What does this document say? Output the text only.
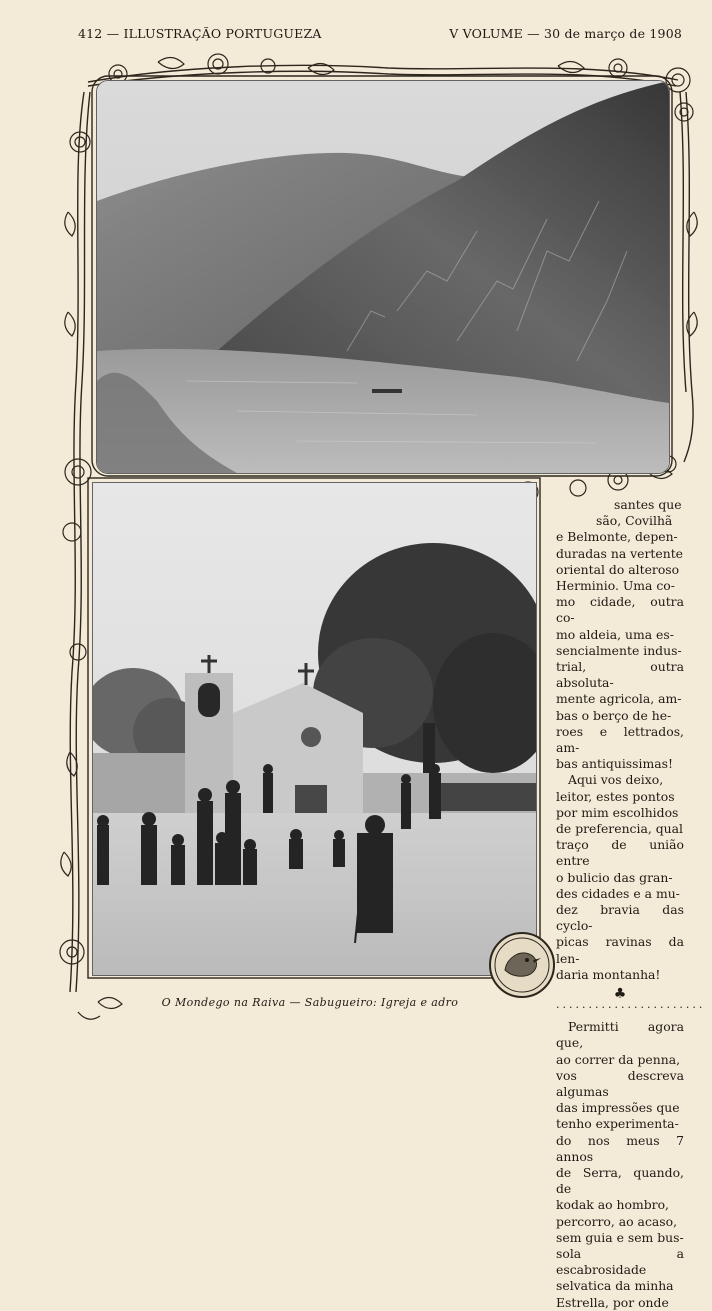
412 — ILLUSTRAÇÃO PORTUGUEZA	V VOLUME — 30 de março de 1908
O Mondego na Raiva — Sabugueiro: Igreja e adro

santes que

são, Covilhã

e Belmonte, depen-

duradas na vertente

oriental do alteroso

Herminio. Uma co-

mo cidade, outra co-

mo aldeia, uma es-

sencialmente indus-

trial, outra absoluta-

mente agricola, am-

bas o berço de he-

roes e lettrados, am-

bas antiquissimas!

Aqui vos deixo,

leitor, estes pontos

por mim escolhidos

de preferencia, qual

traço de união entre

o bulicio das gran-

des cidades e a mu-

dez bravia das cyclo-

picas ravinas da len-

daria montanha!

♣
·······················

Permitti agora que,

ao correr da penna,

vos descreva algumas

das impressões que

tenho experimenta-

do nos meus 7 annos

de Serra, quando, de

kodak ao hombro,

percorro, ao acaso,

sem guia e sem bus-

sola a escabrosidade

selvatica da minha

Estrella, por onde
